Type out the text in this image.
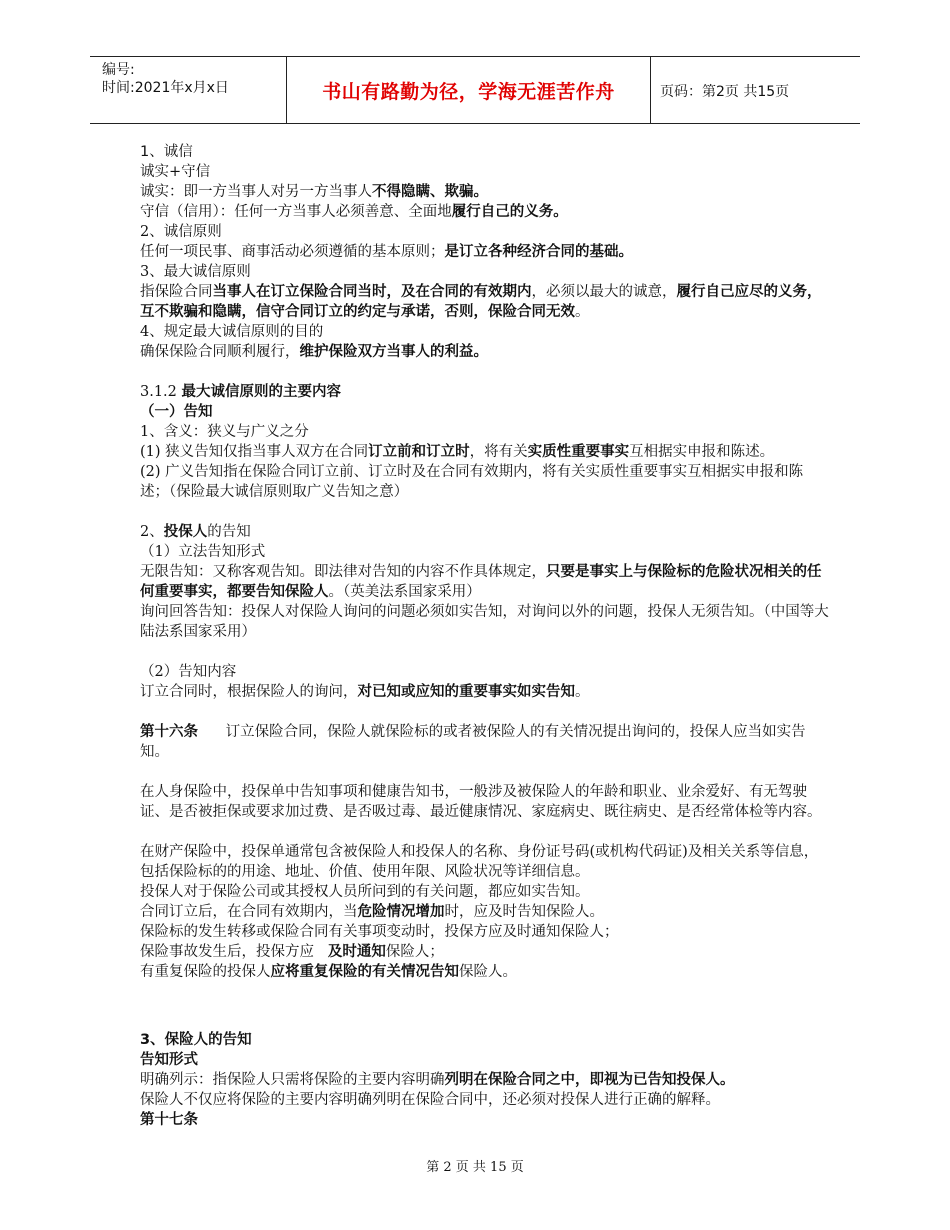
编号:
时间:2021年x月x日	书山有路勤为径，学海无涯苦作舟	页码：第2页 共15页

1、诚信

诚实+守信

诚实：即一方当事人对另一方当事人不得隐瞒、欺骗。

守信（信用）：任何一方当事人必须善意、全面地履行自己的义务。

2、诚信原则

任何一项民事、商事活动必须遵循的基本原则；是订立各种经济合同的基础。

3、最大诚信原则

指保险合同当事人在订立保险合同当时，及在合同的有效期内，必须以最大的诚意，履行自己应尽的义务，互不欺骗和隐瞒，信守合同订立的约定与承诺，否则，保险合同无效。

4、规定最大诚信原则的目的

确保保险合同顺利履行，维护保险双方当事人的利益。

3.1.2 最大诚信原则的主要内容

（一）告知

1、含义：狭义与广义之分

(1) 狭义告知仅指当事人双方在合同订立前和订立时，将有关实质性重要事实互相据实申报和陈述。

(2) 广义告知指在保险合同订立前、订立时及在合同有效期内，将有关实质性重要事实互相据实申报和陈述；（保险最大诚信原则取广义告知之意）

2、投保人的告知

（1）立法告知形式

无限告知：又称客观告知。即法律对告知的内容不作具体规定，只要是事实上与保险标的危险状况相关的任何重要事实，都要告知保险人。（英美法系国家采用）

询问回答告知：投保人对保险人询问的问题必须如实告知，对询问以外的问题，投保人无须告知。（中国等大陆法系国家采用）

（2）告知内容

订立合同时，根据保险人的询问，对已知或应知的重要事实如实告知。

第十六条 订立保险合同，保险人就保险标的或者被保险人的有关情况提出询问的，投保人应当如实告知。

在人身保险中，投保单中告知事项和健康告知书，一般涉及被保险人的年龄和职业、业余爱好、有无驾驶证、是否被拒保或要求加过费、是否吸过毒、最近健康情况、家庭病史、既往病史、是否经常体检等内容。

在财产保险中，投保单通常包含被保险人和投保人的名称、身份证号码(或机构代码证)及相关关系等信息，包括保险标的的用途、地址、价值、使用年限、风险状况等详细信息。

投保人对于保险公司或其授权人员所问到的有关问题，都应如实告知。

合同订立后，在合同有效期内，当危险情况增加时，应及时告知保险人。

保险标的发生转移或保险合同有关事项变动时，投保方应及时通知保险人；

保险事故发生后，投保方应 及时通知保险人；

有重复保险的投保人应将重复保险的有关情况告知保险人。

3、保险人的告知

告知形式

明确列示：指保险人只需将保险的主要内容明确列明在保险合同之中，即视为已告知投保人。

保险人不仅应将保险的主要内容明确列明在保险合同中，还必须对投保人进行正确的解释。

第十七条

第 2 页 共 15 页
